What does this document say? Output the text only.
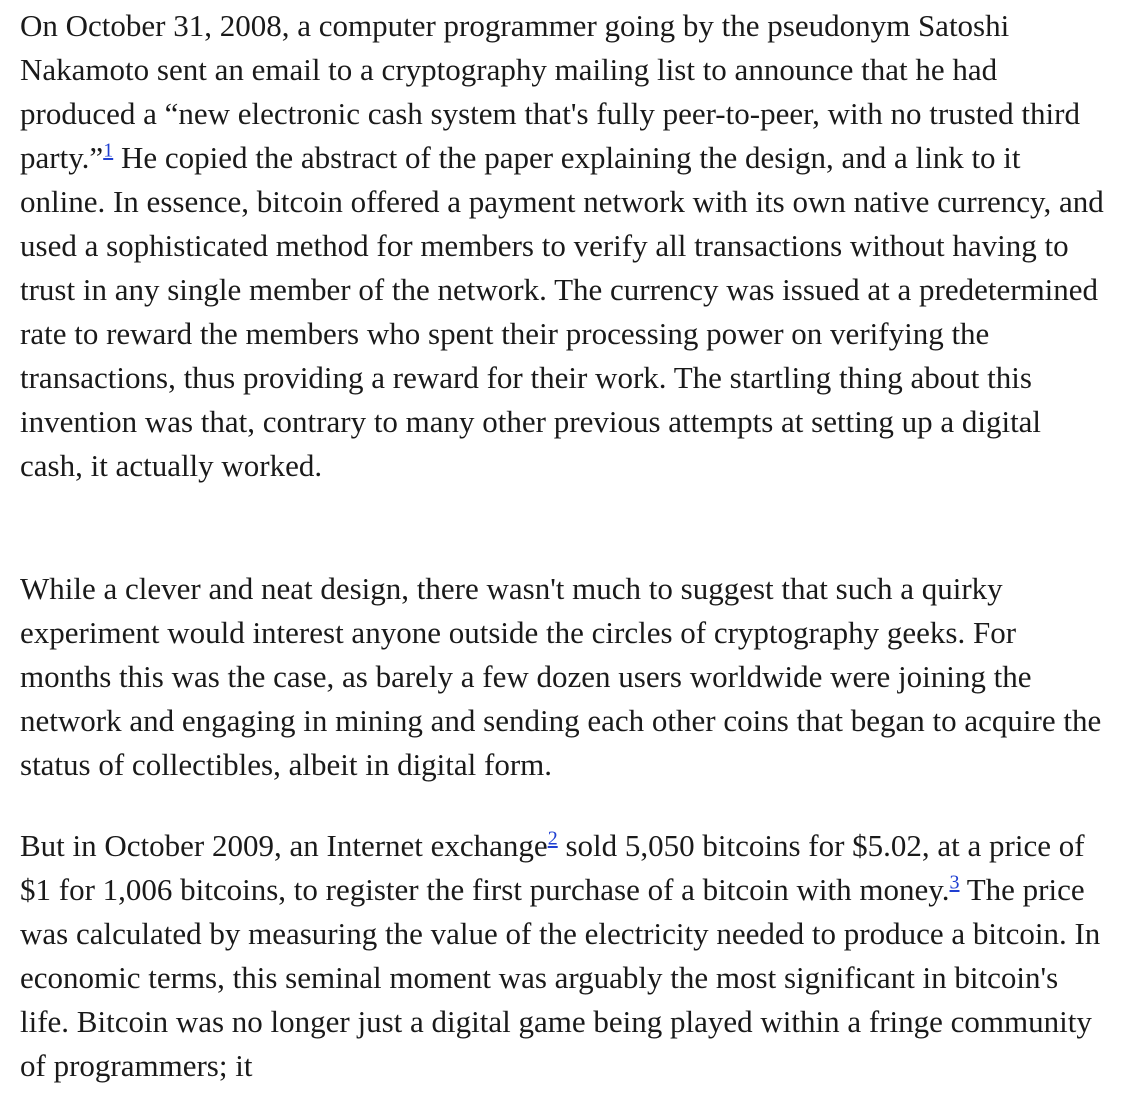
On October 31, 2008, a computer programmer going by the pseudonym Satoshi Nakamoto sent an email to a cryptography mailing list to announce that he had produced a “new electronic cash system that's fully peer-to-peer, with no trusted third party.”$^1$ He copied the abstract of the paper explaining the design, and a link to it online. In essence, bitcoin offered a payment network with its own native currency, and used a sophisticated method for members to verify all transactions without having to trust in any single member of the network. The currency was issued at a predetermined rate to reward the members who spent their processing power on verifying the transactions, thus providing a reward for their work. The startling thing about this invention was that, contrary to many other previous attempts at setting up a digital cash, it actually worked.

While a clever and neat design, there wasn't much to suggest that such a quirky experiment would interest anyone outside the circles of cryptography geeks. For months this was the case, as barely a few dozen users worldwide were joining the network and engaging in mining and sending each other coins that began to acquire the status of collectibles, albeit in digital form.

But in October 2009, an Internet exchange$^2$ sold 5,050 bitcoins for $5.02, at a price of $1 for 1,006 bitcoins, to register the first purchase of a bitcoin with money.$^3$ The price was calculated by measuring the value of the electricity needed to produce a bitcoin. In economic terms, this seminal moment was arguably the most significant in bitcoin's life. Bitcoin was no longer just a digital game being played within a fringe community of programmers; it
